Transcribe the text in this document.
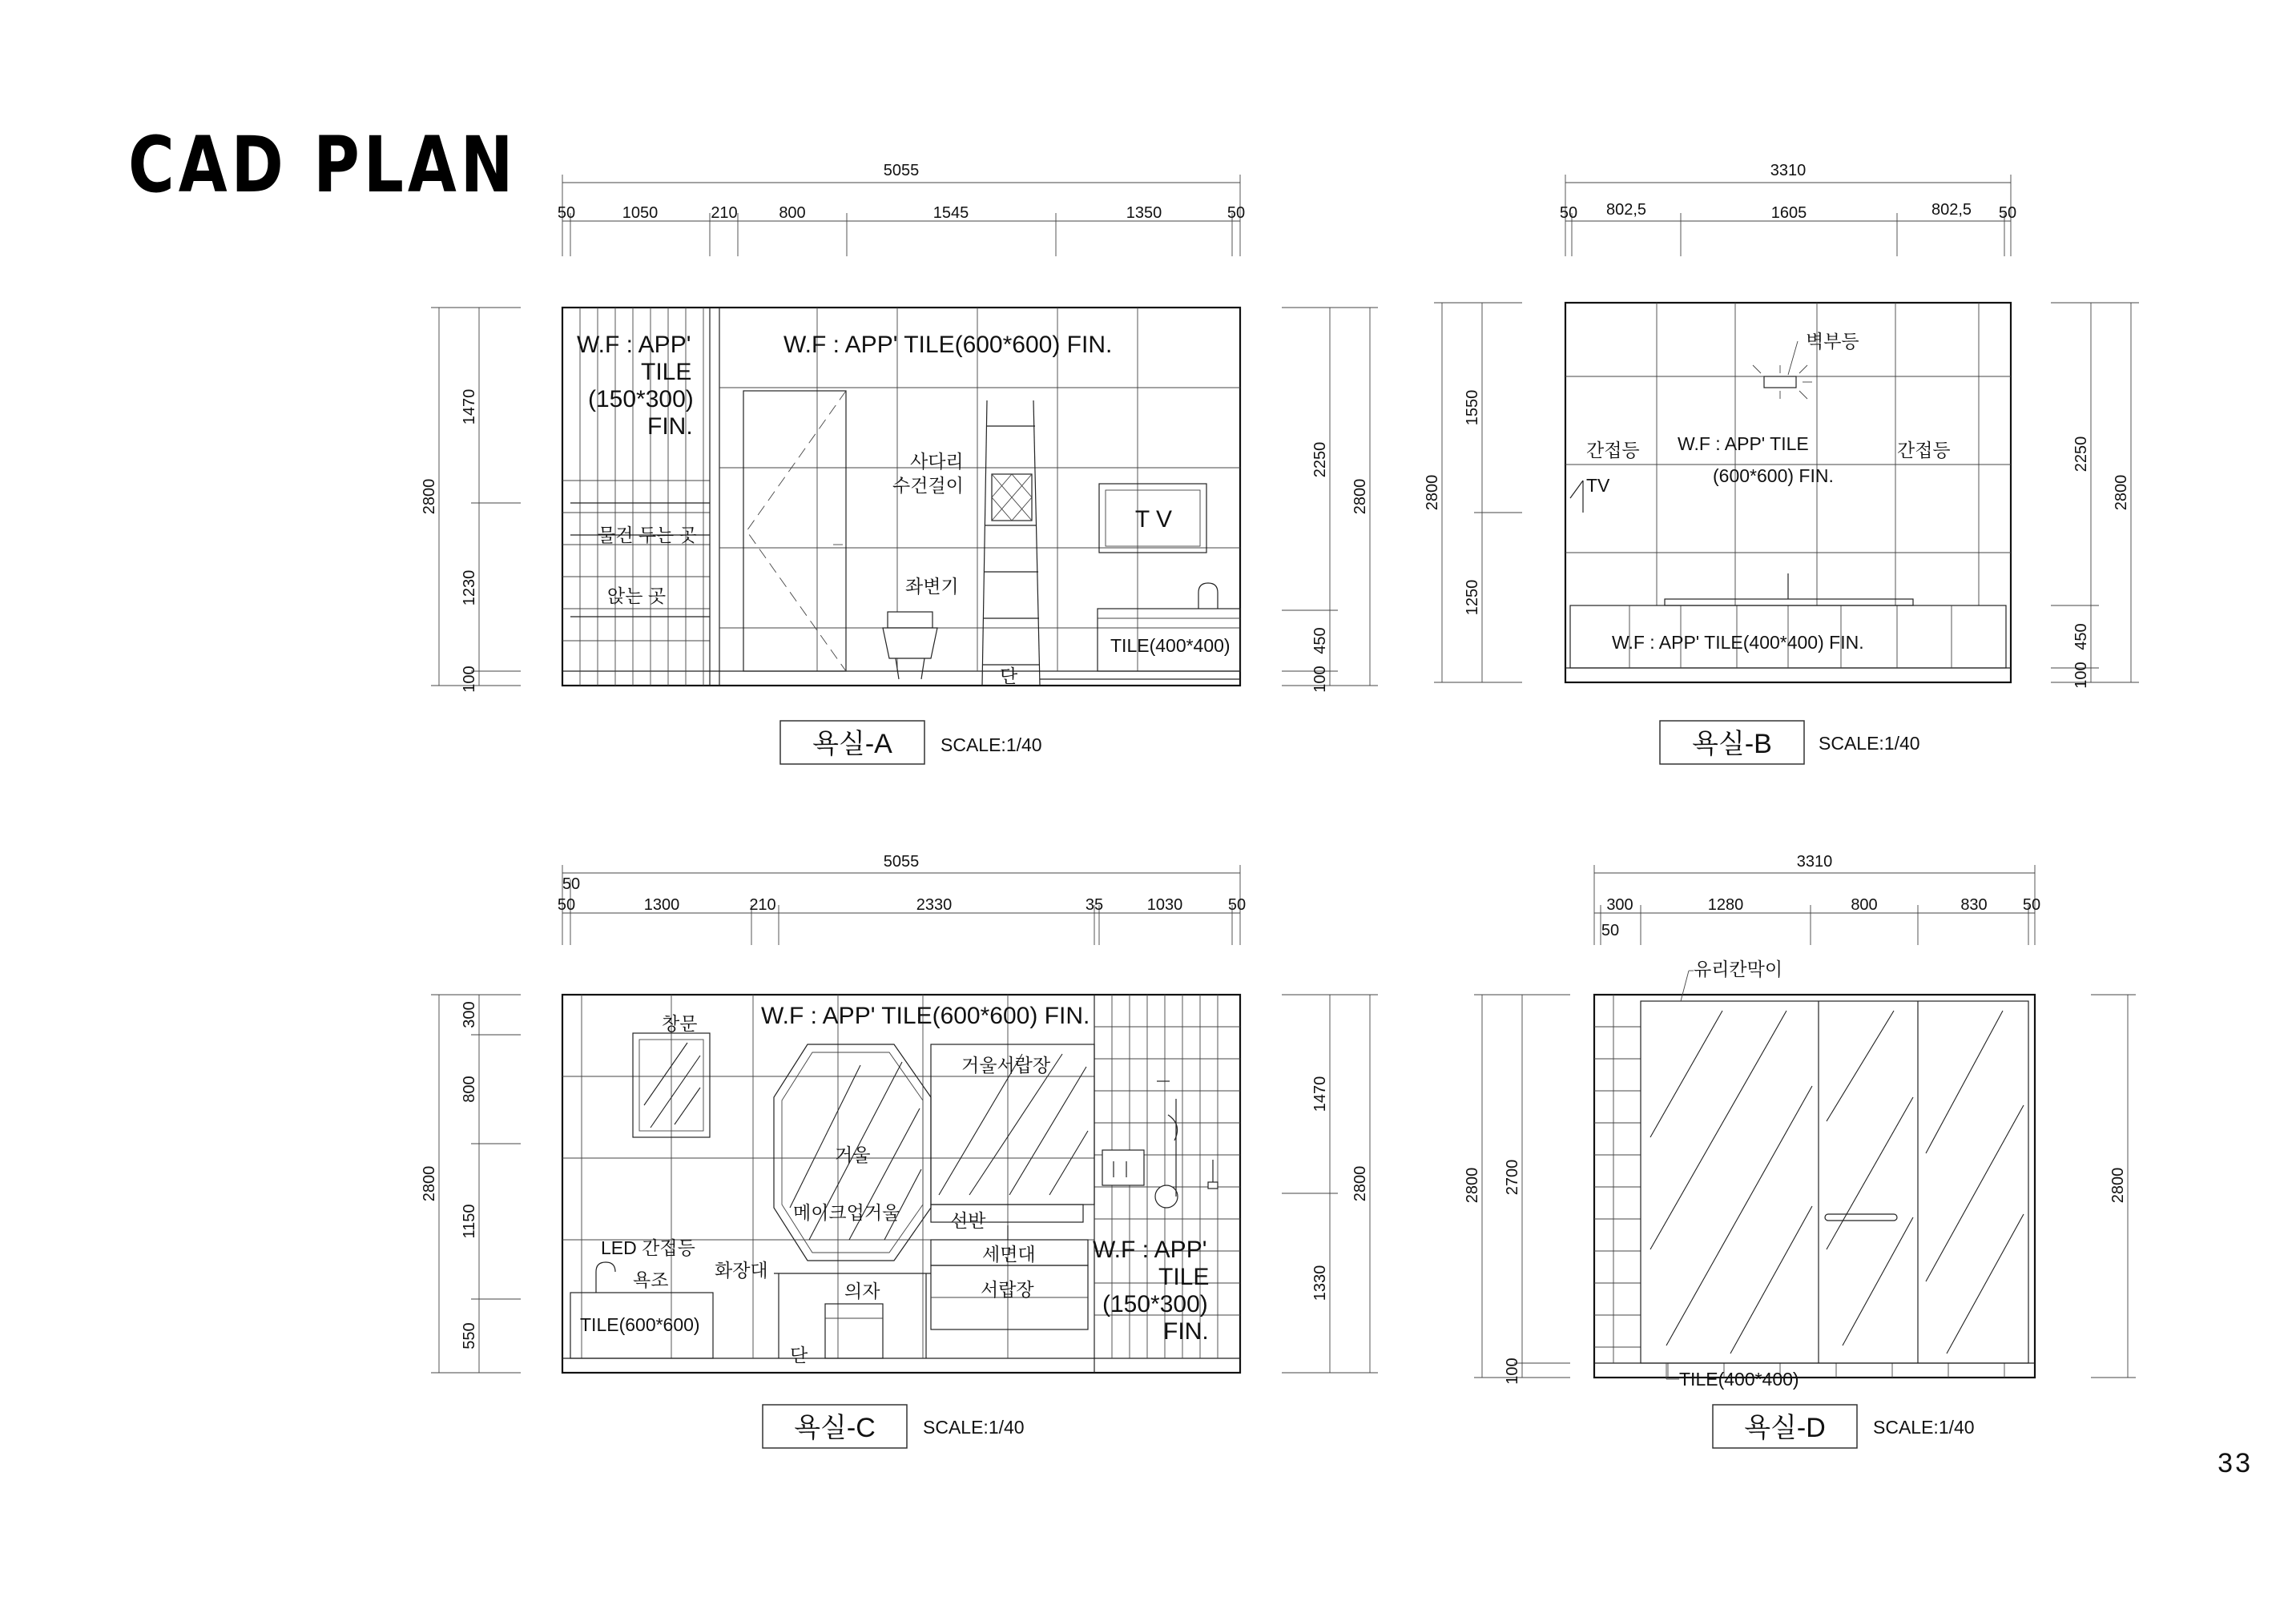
CAD PLAN
33
5055
50	1050	210	800	1545	1350	50
2800
1470
1230
100
2250
450
100
2800
W.F : APP'
TILE
(150*300)
FIN.
W.F : APP' TILE(600*600) FIN.
사다리
수건걸이
T V
물건 두는 곳
앉는 곳	좌변기
TILE(400*400)
단
욕실-A	SCALE:1/40
3310
50 802,5	1605	802,5 50
2800
1550
1250
2250
450
100
2800
벽부등
간접등	간접등
W.F : APP' TILE
(600*600) FIN.
TV
W.F : APP' TILE(400*400) FIN.
욕실-B	SCALE:1/40
5055
50
50	1300	210	2330	35	1030	50
2800
300
800
1150
550
1470
1330
2800
창문	W.F : APP' TILE(600*600) FIN.
거울서랍장
거울
메이크업거울	선반
LED 간접등
화장대
세면대
욕조
의자	서랍장
TILE(600*600)
단
W.F : APP'
TILE
(150*300)
FIN.
욕실-C	SCALE:1/40
3310
300	1280	800	830 50
50
2800 2700
100
2800
유리칸막이
TILE(400*400)
욕실-D	SCALE:1/40
